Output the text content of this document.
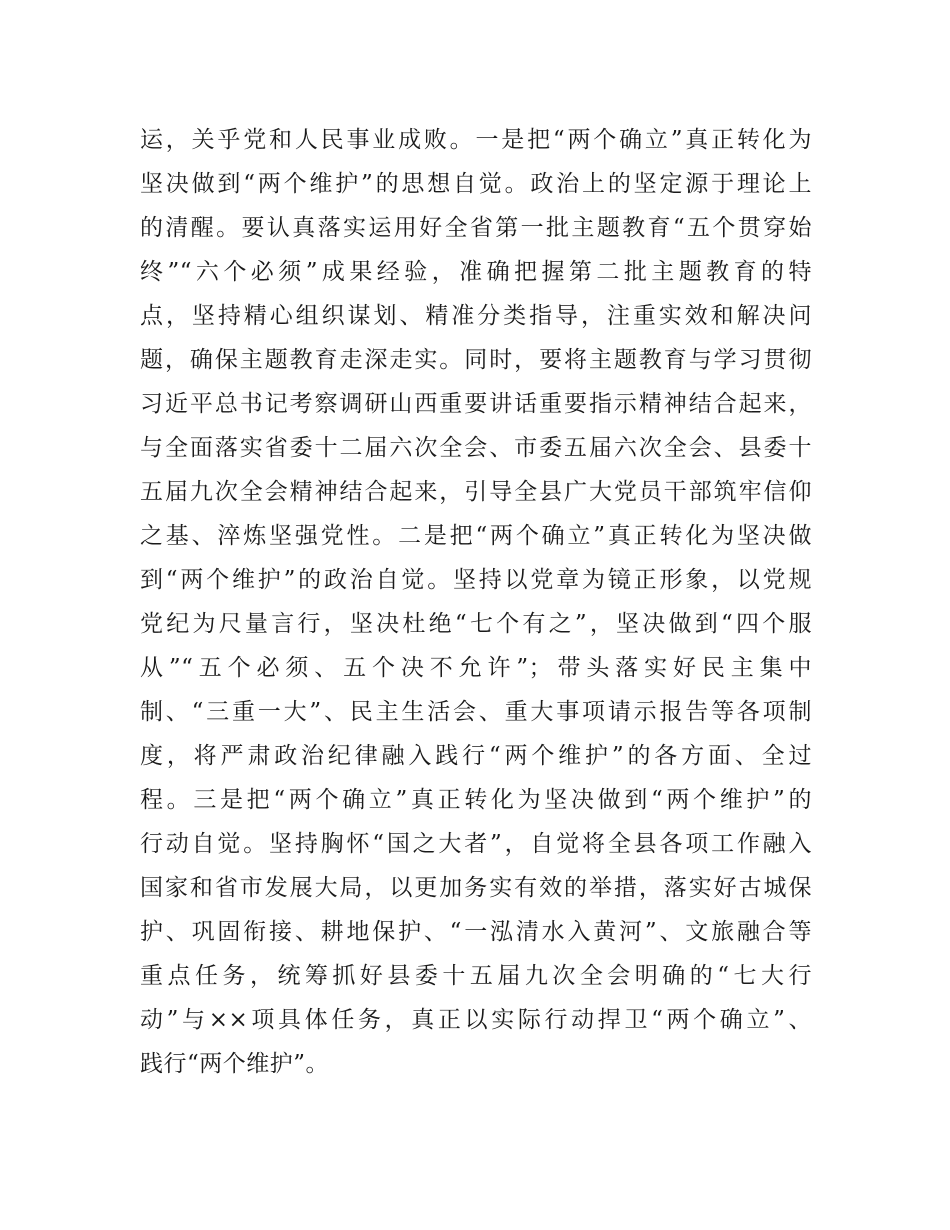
运，关乎党和人民事业成败。一是把“两个确立”真正转化为
坚决做到“两个维护”的思想自觉。政治上的坚定源于理论上
的清醒。要认真落实运用好全省第一批主题教育“五个贯穿始
终”“六个必须”成果经验，准确把握第二批主题教育的特
点，坚持精心组织谋划、精准分类指导，注重实效和解决问
题，确保主题教育走深走实。同时，要将主题教育与学习贯彻
习近平总书记考察调研山西重要讲话重要指示精神结合起来，
与全面落实省委十二届六次全会、市委五届六次全会、县委十
五届九次全会精神结合起来，引导全县广大党员干部筑牢信仰
之基、淬炼坚强党性。二是把“两个确立”真正转化为坚决做
到“两个维护”的政治自觉。坚持以党章为镜正形象，以党规
党纪为尺量言行，坚决杜绝“七个有之”，坚决做到“四个服
从”“五个必须、五个决不允许”；带头落实好民主集中
制、“三重一大”、民主生活会、重大事项请示报告等各项制
度，将严肃政治纪律融入践行“两个维护”的各方面、全过
程。三是把“两个确立”真正转化为坚决做到“两个维护”的
行动自觉。坚持胸怀“国之大者”，自觉将全县各项工作融入
国家和省市发展大局，以更加务实有效的举措，落实好古城保
护、巩固衔接、耕地保护、“一泓清水入黄河”、文旅融合等
重点任务，统筹抓好县委十五届九次全会明确的“七大行
动”与××项具体任务，真正以实际行动捍卫“两个确立”、
践行“两个维护”。
